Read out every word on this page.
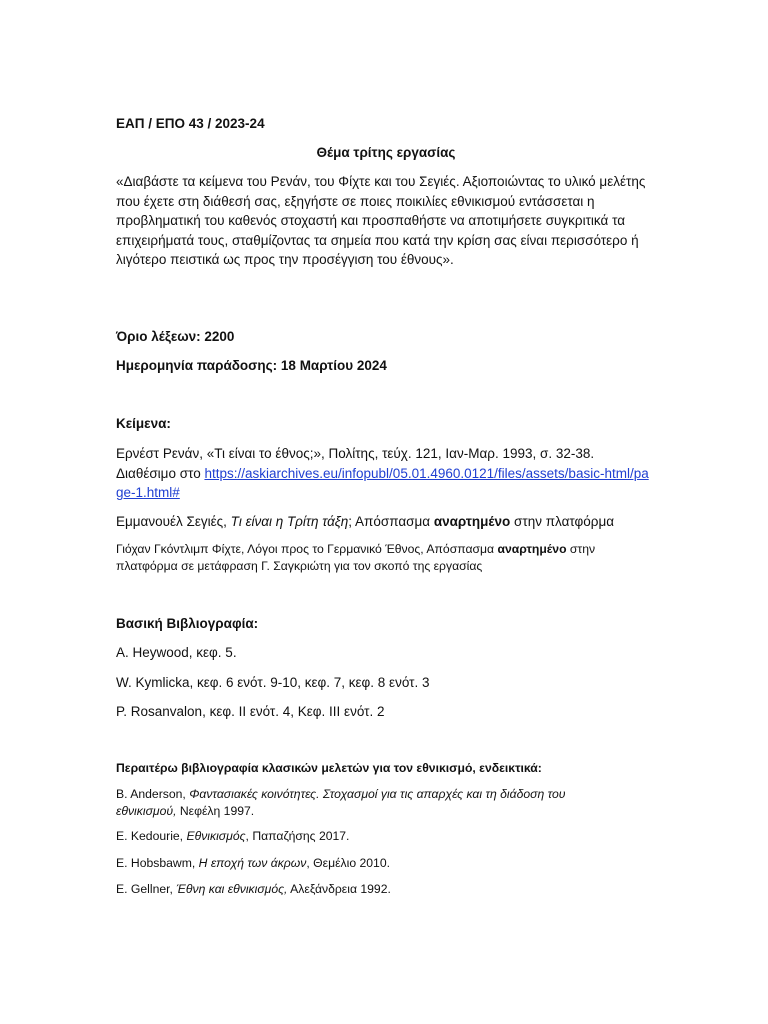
ΕΑΠ / ΕΠΟ 43 / 2023-24

Θέμα τρίτης εργασίας

«Διαβάστε τα κείμενα του Ρενάν, του Φίχτε και του Σεγιές. Αξιοποιώντας το υλικό μελέτης που έχετε στη διάθεσή σας, εξηγήστε σε ποιες ποικιλίες εθνικισμού εντάσσεται η προβληματική του καθενός στοχαστή και προσπαθήστε να αποτιμήσετε συγκριτικά τα επιχειρήματά τους, σταθμίζοντας τα σημεία που κατά την κρίση σας είναι περισσότερο ή λιγότερο πειστικά ως προς την προσέγγιση του έθνους».

Όριο λέξεων: 2200

Ημερομηνία παράδοσης: 18 Μαρτίου 2024

Κείμενα:

Ερνέστ Ρενάν, «Τι είναι το έθνος;», Πολίτης, τεύχ. 121, Ιαν-Μαρ. 1993, σ. 32-38. Διαθέσιμο στο https://askiarchives.eu/infopubl/05.01.4960.0121/files/assets/basic-html/page-1.html#

Εμμανουέλ Σεγιές, Τι είναι η Τρίτη τάξη; Απόσπασμα αναρτημένο στην πλατφόρμα

Γιόχαν Γκόντλιμπ Φίχτε, Λόγοι προς το Γερμανικό Έθνος, Απόσπασμα αναρτημένο στην πλατφόρμα σε μετάφραση Γ. Σαγκριώτη για τον σκοπό της εργασίας

Βασική Βιβλιογραφία:

A. Heywood, κεφ. 5.

W. Kymlicka, κεφ. 6 ενότ. 9-10, κεφ. 7, κεφ. 8 ενότ. 3

P. Rosanvalon, κεφ. II ενότ. 4, Κεφ. III ενότ. 2

Περαιτέρω βιβλιογραφία κλασικών μελετών για τον εθνικισμό, ενδεικτικά:

B. Anderson, Φαντασιακές κοινότητες. Στοχασμοί για τις απαρχές και τη διάδοση του εθνικισμού, Νεφέλη 1997.

E. Kedourie, Εθνικισμός, Παπαζήσης 2017.

E. Hobsbawm, Η εποχή των άκρων, Θεμέλιο 2010.

E. Gellner, Έθνη και εθνικισμός, Αλεξάνδρεια 1992.
